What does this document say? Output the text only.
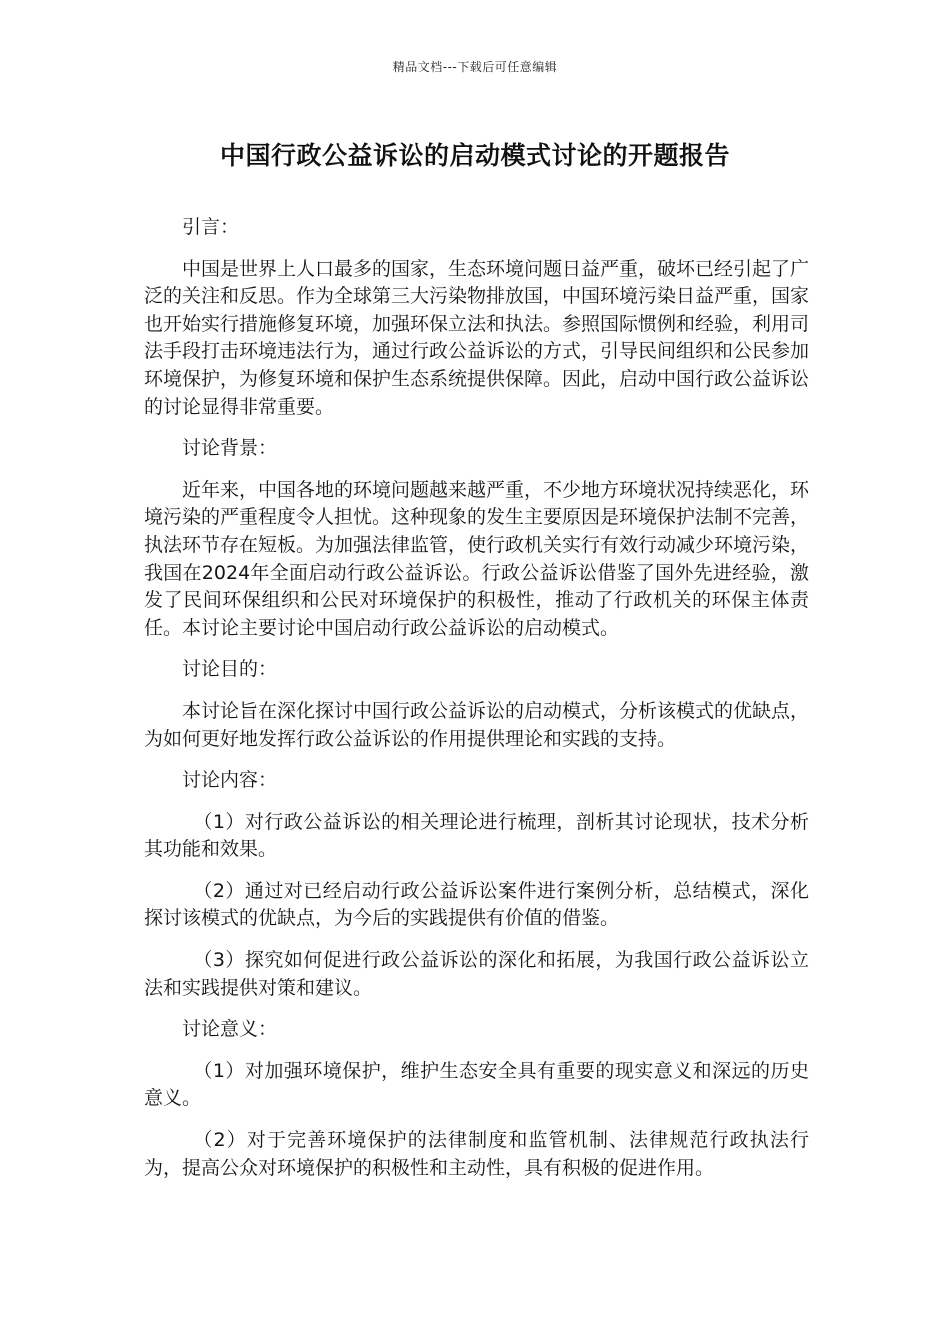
精品文档---下载后可任意编辑
中国行政公益诉讼的启动模式讨论的开题报告

引言：

中国是世界上人口最多的国家，生态环境问题日益严重，破坏已经引起了广泛的关注和反思。作为全球第三大污染物排放国，中国环境污染日益严重，国家也开始实行措施修复环境，加强环保立法和执法。参照国际惯例和经验，利用司法手段打击环境违法行为，通过行政公益诉讼的方式，引导民间组织和公民参加环境保护，为修复环境和保护生态系统提供保障。因此，启动中国行政公益诉讼的讨论显得非常重要。

讨论背景：

近年来，中国各地的环境问题越来越严重，不少地方环境状况持续恶化，环境污染的严重程度令人担忧。这种现象的发生主要原因是环境保护法制不完善，执法环节存在短板。为加强法律监管，使行政机关实行有效行动减少环境污染，我国在2024年全面启动行政公益诉讼。行政公益诉讼借鉴了国外先进经验，激发了民间环保组织和公民对环境保护的积极性，推动了行政机关的环保主体责任。本讨论主要讨论中国启动行政公益诉讼的启动模式。

讨论目的：

本讨论旨在深化探讨中国行政公益诉讼的启动模式，分析该模式的优缺点，为如何更好地发挥行政公益诉讼的作用提供理论和实践的支持。

讨论内容：

（1）对行政公益诉讼的相关理论进行梳理，剖析其讨论现状，技术分析其功能和效果。

（2）通过对已经启动行政公益诉讼案件进行案例分析，总结模式，深化探讨该模式的优缺点，为今后的实践提供有价值的借鉴。

（3）探究如何促进行政公益诉讼的深化和拓展，为我国行政公益诉讼立法和实践提供对策和建议。

讨论意义：

（1）对加强环境保护，维护生态安全具有重要的现实意义和深远的历史意义。

（2）对于完善环境保护的法律制度和监管机制、法律规范行政执法行为，提高公众对环境保护的积极性和主动性，具有积极的促进作用。
